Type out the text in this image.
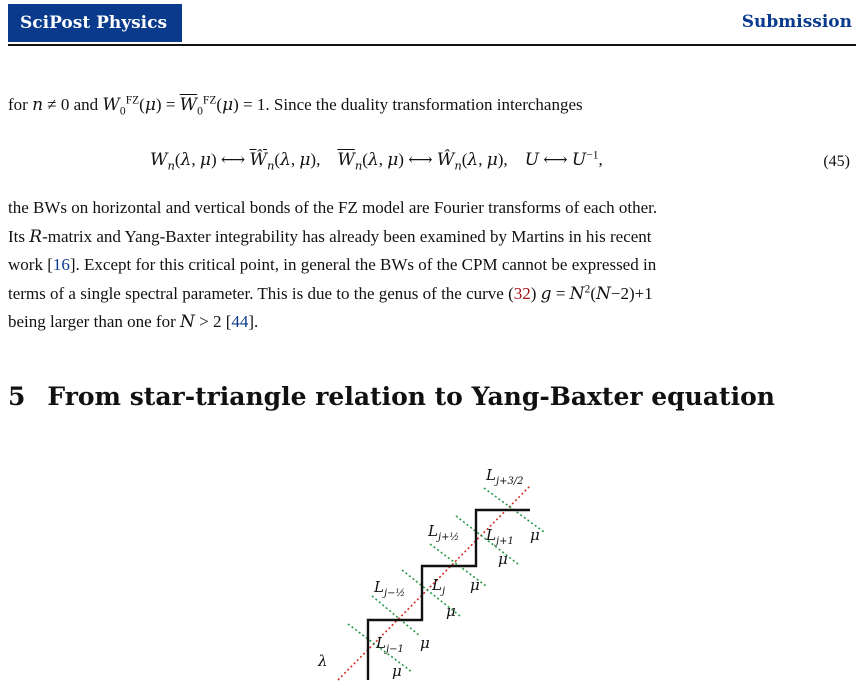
SciPost Physics	Submission
for n ≠ 0 and $W_0^{FZ}(\mu) = \overline{W}_0^{FZ}(\mu) = 1$. Since the duality transformation interchanges
$W_n(\lambda$, μ) ⟷ $\overline{Ŵ}_n(\lambda$, μ),    $\overline{W}_n(\lambda$, μ) ⟷ $Ŵ_n(\lambda$, μ),    U ⟷ $U^{-1}$,	(45)
the BWs on horizontal and vertical bonds of the FZ model are Fourier transforms of each other.
Its R-matrix and Yang-Baxter integrability has already been examined by Martins in his recent
work [16]. Except for this critical point, in general the BWs of the CPM cannot be expressed in
terms of a single spectral parameter. This is due to the genus of the curve (32) $g = N^2(N-2)+1$
being larger than one for N > 2 [44].
5 From star-triangle relation to Yang-Baxter equation
λ
$L_{j-1}$ μ
μ
$L_{j-\frac{1}{2}}$ $L_j$ μ
μ
$L_{j+\frac{1}{2}}$ $L_{j+1}$ μ
μ
$L_{j+3/2}$
